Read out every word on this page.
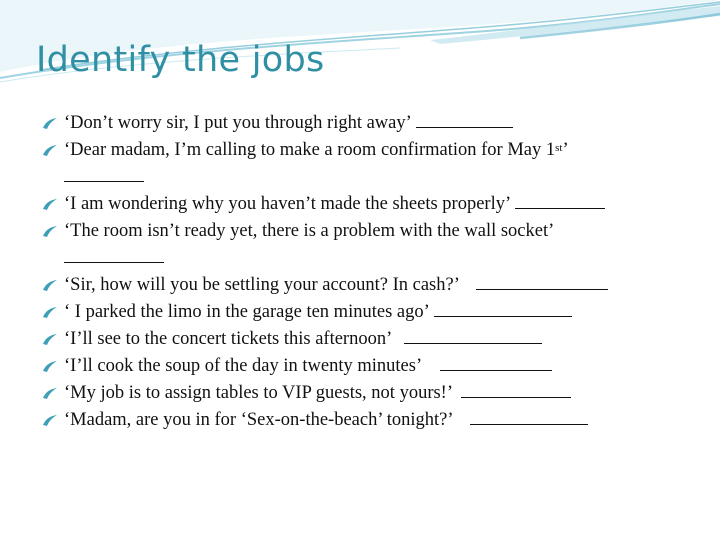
Identify the jobs
‘Don’t worry sir, I put you through right away’
‘Dear madam, I’m calling to make a room confirmation for May 1st’

‘I am wondering why you haven’t made the sheets properly’
‘The room isn’t ready yet, there is a problem with the wall socket’

‘Sir, how will you be settling your account? In cash?’
‘ I parked the limo in the garage ten minutes ago’
‘I’ll see to the concert tickets this afternoon’
‘I’ll cook the soup of the day in twenty minutes’
‘My job is to assign tables to VIP guests, not yours!’
‘Madam, are you in for ‘Sex-on-the-beach’ tonight?’
